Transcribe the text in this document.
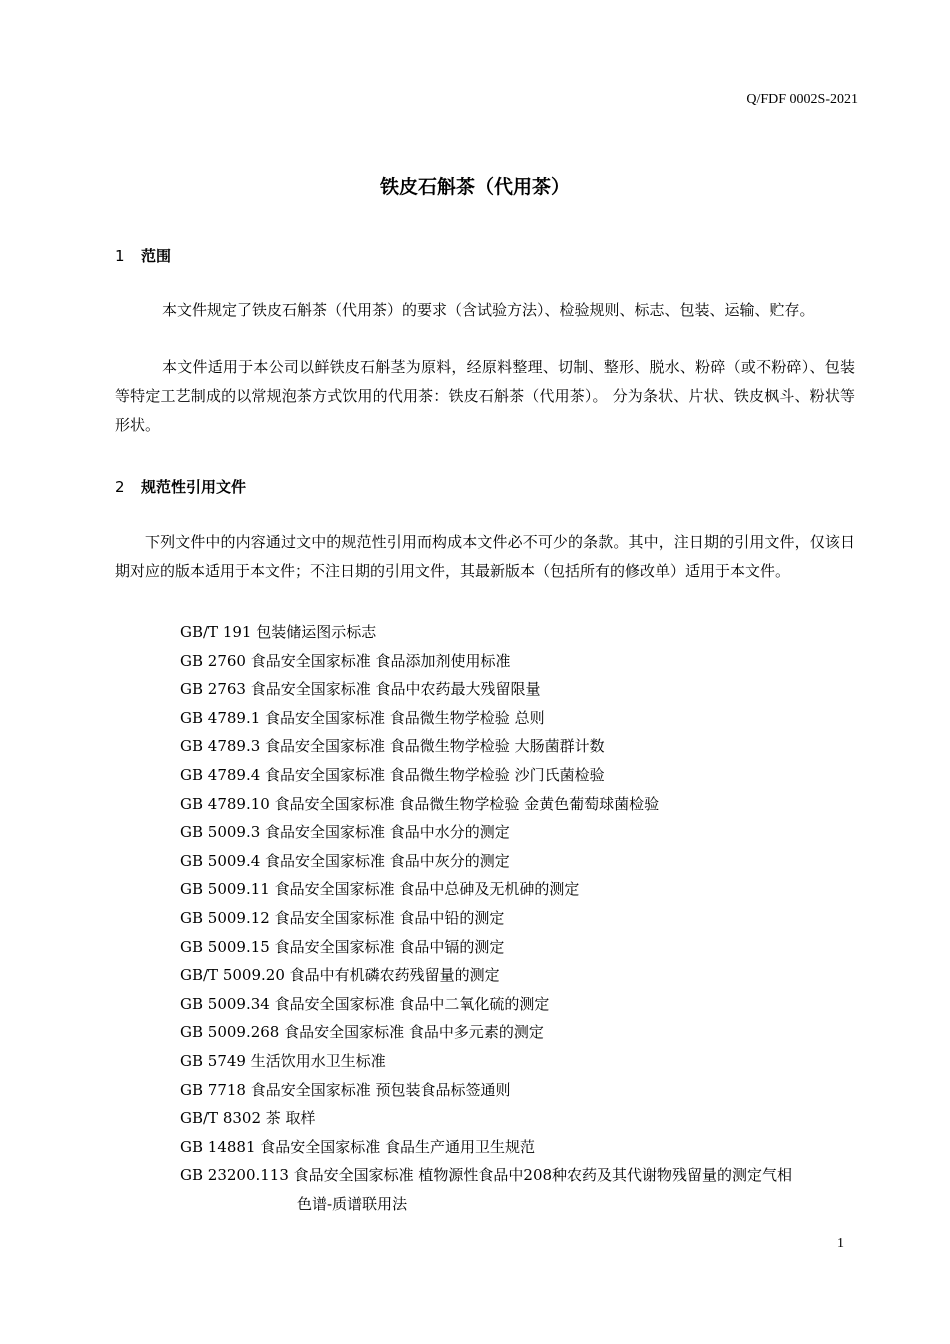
Q/FDF 0002S-2021
铁皮石斛茶（代用茶）
1 范围
本文件规定了铁皮石斛茶（代用茶）的要求（含试验方法）、检验规则、标志、包装、运输、贮存。
本文件适用于本公司以鲜铁皮石斛茎为原料，经原料整理、切制、整形、脱水、粉碎（或不粉碎）、包装等特定工艺制成的以常规泡茶方式饮用的代用茶：铁皮石斛茶（代用茶）。 分为条状、片状、铁皮枫斗、粉状等形状。
2 规范性引用文件
下列文件中的内容通过文中的规范性引用而构成本文件必不可少的条款。其中，注日期的引用文件，仅该日期对应的版本适用于本文件；不注日期的引用文件，其最新版本（包括所有的修改单）适用于本文件。
GB/T 191 包装储运图示标志
GB 2760 食品安全国家标准 食品添加剂使用标准
GB 2763 食品安全国家标准 食品中农药最大残留限量
GB 4789.1 食品安全国家标准 食品微生物学检验 总则
GB 4789.3 食品安全国家标准 食品微生物学检验 大肠菌群计数
GB 4789.4 食品安全国家标准 食品微生物学检验 沙门氏菌检验
GB 4789.10 食品安全国家标准 食品微生物学检验 金黄色葡萄球菌检验
GB 5009.3 食品安全国家标准 食品中水分的测定
GB 5009.4 食品安全国家标准 食品中灰分的测定
GB 5009.11 食品安全国家标准 食品中总砷及无机砷的测定
GB 5009.12 食品安全国家标准 食品中铅的测定
GB 5009.15 食品安全国家标准 食品中镉的测定
GB/T 5009.20 食品中有机磷农药残留量的测定
GB 5009.34 食品安全国家标准 食品中二氧化硫的测定
GB 5009.268 食品安全国家标准 食品中多元素的测定
GB 5749 生活饮用水卫生标准
GB 7718 食品安全国家标准 预包装食品标签通则
GB/T 8302 茶 取样
GB 14881 食品安全国家标准 食品生产通用卫生规范
GB 23200.113 食品安全国家标准 植物源性食品中208种农药及其代谢物残留量的测定气相
色谱-质谱联用法
1
